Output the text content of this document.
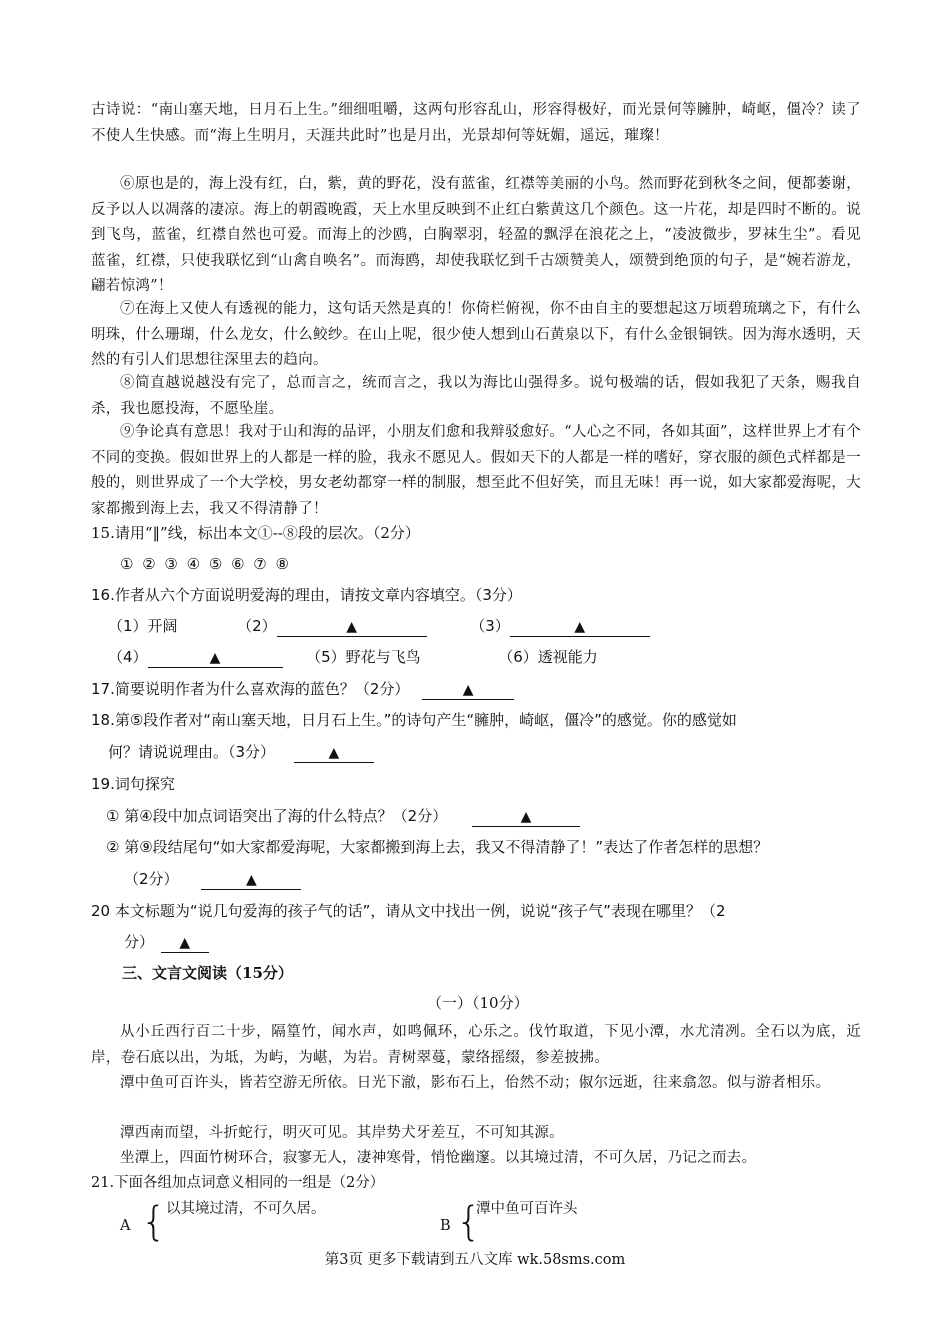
古诗说：“南山塞天地，日月石上生。”细细咀嚼，这两句形容乱山，形容得极好，而光景何等臃肿，崎岖，僵冷？读了不使人生快感。而“海上生明月，天涯共此时”也是月出，光景却何等妩媚，遥远，璀璨！
⑥原也是的，海上没有红，白，紫，黄的野花，没有蓝雀，红襟等美丽的小鸟。然而野花到秋冬之间，便都萎谢，反予以人以凋落的凄凉。海上的朝霞晚霞，天上水里反映到不止红白紫黄这几个颜色。这一片花，却是四时不断的。说到飞鸟，蓝雀，红襟自然也可爱。而海上的沙鸥，白胸翠羽，轻盈的飘浮在浪花之上，“凌波微步，罗袜生尘”。看见蓝雀，红襟，只使我联忆到“山禽自唤名”。而海鸥，却使我联忆到千古颂赞美人，颂赞到绝顶的句子，是“婉若游龙，翩若惊鸿”！
⑦在海上又使人有透视的能力，这句话天然是真的！你倚栏俯视，你不由自主的要想起这万顷碧琉璃之下，有什么明珠，什么珊瑚，什么龙女，什么鲛纱。在山上呢，很少使人想到山石黄泉以下，有什么金银铜铁。因为海水透明，天然的有引人们思想往深里去的趋向。
⑧简直越说越没有完了，总而言之，统而言之，我以为海比山强得多。说句极端的话，假如我犯了天条，赐我自杀，我也愿投海，不愿坠崖。
⑨争论真有意思！我对于山和海的品评，小朋友们愈和我辩驳愈好。“人心之不同，各如其面”，这样世界上才有个不同的变换。假如世界上的人都是一样的脸，我永不愿见人。假如天下的人都是一样的嗜好，穿衣服的颜色式样都是一般的，则世界成了一个大学校，男女老幼都穿一样的制服，想至此不但好笑，而且无味！再一说，如大家都爱海呢，大家都搬到海上去，我又不得清静了！
15.请用“‖”线，标出本文①--⑧段的层次。（2分）
① ② ③ ④ ⑤ ⑥ ⑦ ⑧
16.作者从六个方面说明爱海的理由，请按文章内容填空。（3分）
（1）开阔	（2）	▲	（3）	▲
（4）	▲	（5）野花与飞鸟	（6）透视能力
17.简要说明作者为什么喜欢海的蓝色？（2分）	▲
18.第⑤段作者对“南山塞天地，日月石上生。”的诗句产生“臃肿，崎岖，僵冷”的感觉。你的感觉如
何？请说说理由。（3分）	▲
19.词句探究
① 第④段中加点词语突出了海的什么特点？（2分）	▲
② 第⑨段结尾句“如大家都爱海呢，大家都搬到海上去，我又不得清静了！”表达了作者怎样的思想？
（2分）	▲
20 本文标题为“说几句爱海的孩子气的话”，请从文中找出一例，说说“孩子气”表现在哪里？（2
分） ▲
三、文言文阅读（15分）
（一）（10分）
从小丘西行百二十步，隔篁竹，闻水声，如鸣佩环，心乐之。伐竹取道，下见小潭，水尤清冽。全石以为底，近岸，卷石底以出，为坻，为屿，为嵁，为岩。青树翠蔓，蒙络摇缀，参差披拂。
潭中鱼可百许头，皆若空游无所依。日光下澈，影布石上，佁然不动；俶尔远逝，往来翕忽。似与游者相乐。
潭西南而望，斗折蛇行，明灭可见。其岸势犬牙差互，不可知其源。
坐潭上，四面竹树环合，寂寥无人，凄神寒骨，悄怆幽邃。以其境过清，不可久居，乃记之而去。
21.下面各组加点词意义相同的一组是（2分）
A { 以其境过清，不可久居。
B {
潭中鱼可百许头
第3页 更多下载请到五八文库 wk.58sms.com
